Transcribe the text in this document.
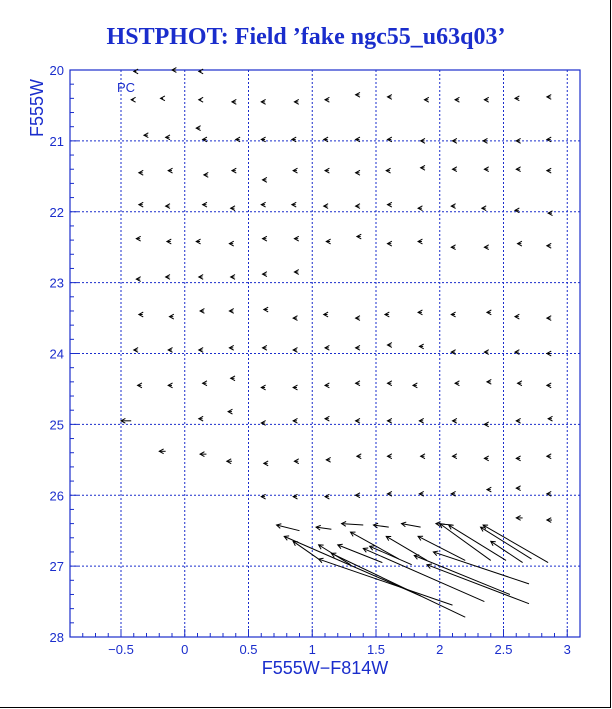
HSTPHOT: Field ’fake ngc55_u63q03’
20
21
22
23
24
25
26
27
28
−0.5	0	0.5	1	1.5	2	2.5	3
PC
F555W−F814W
F555W
